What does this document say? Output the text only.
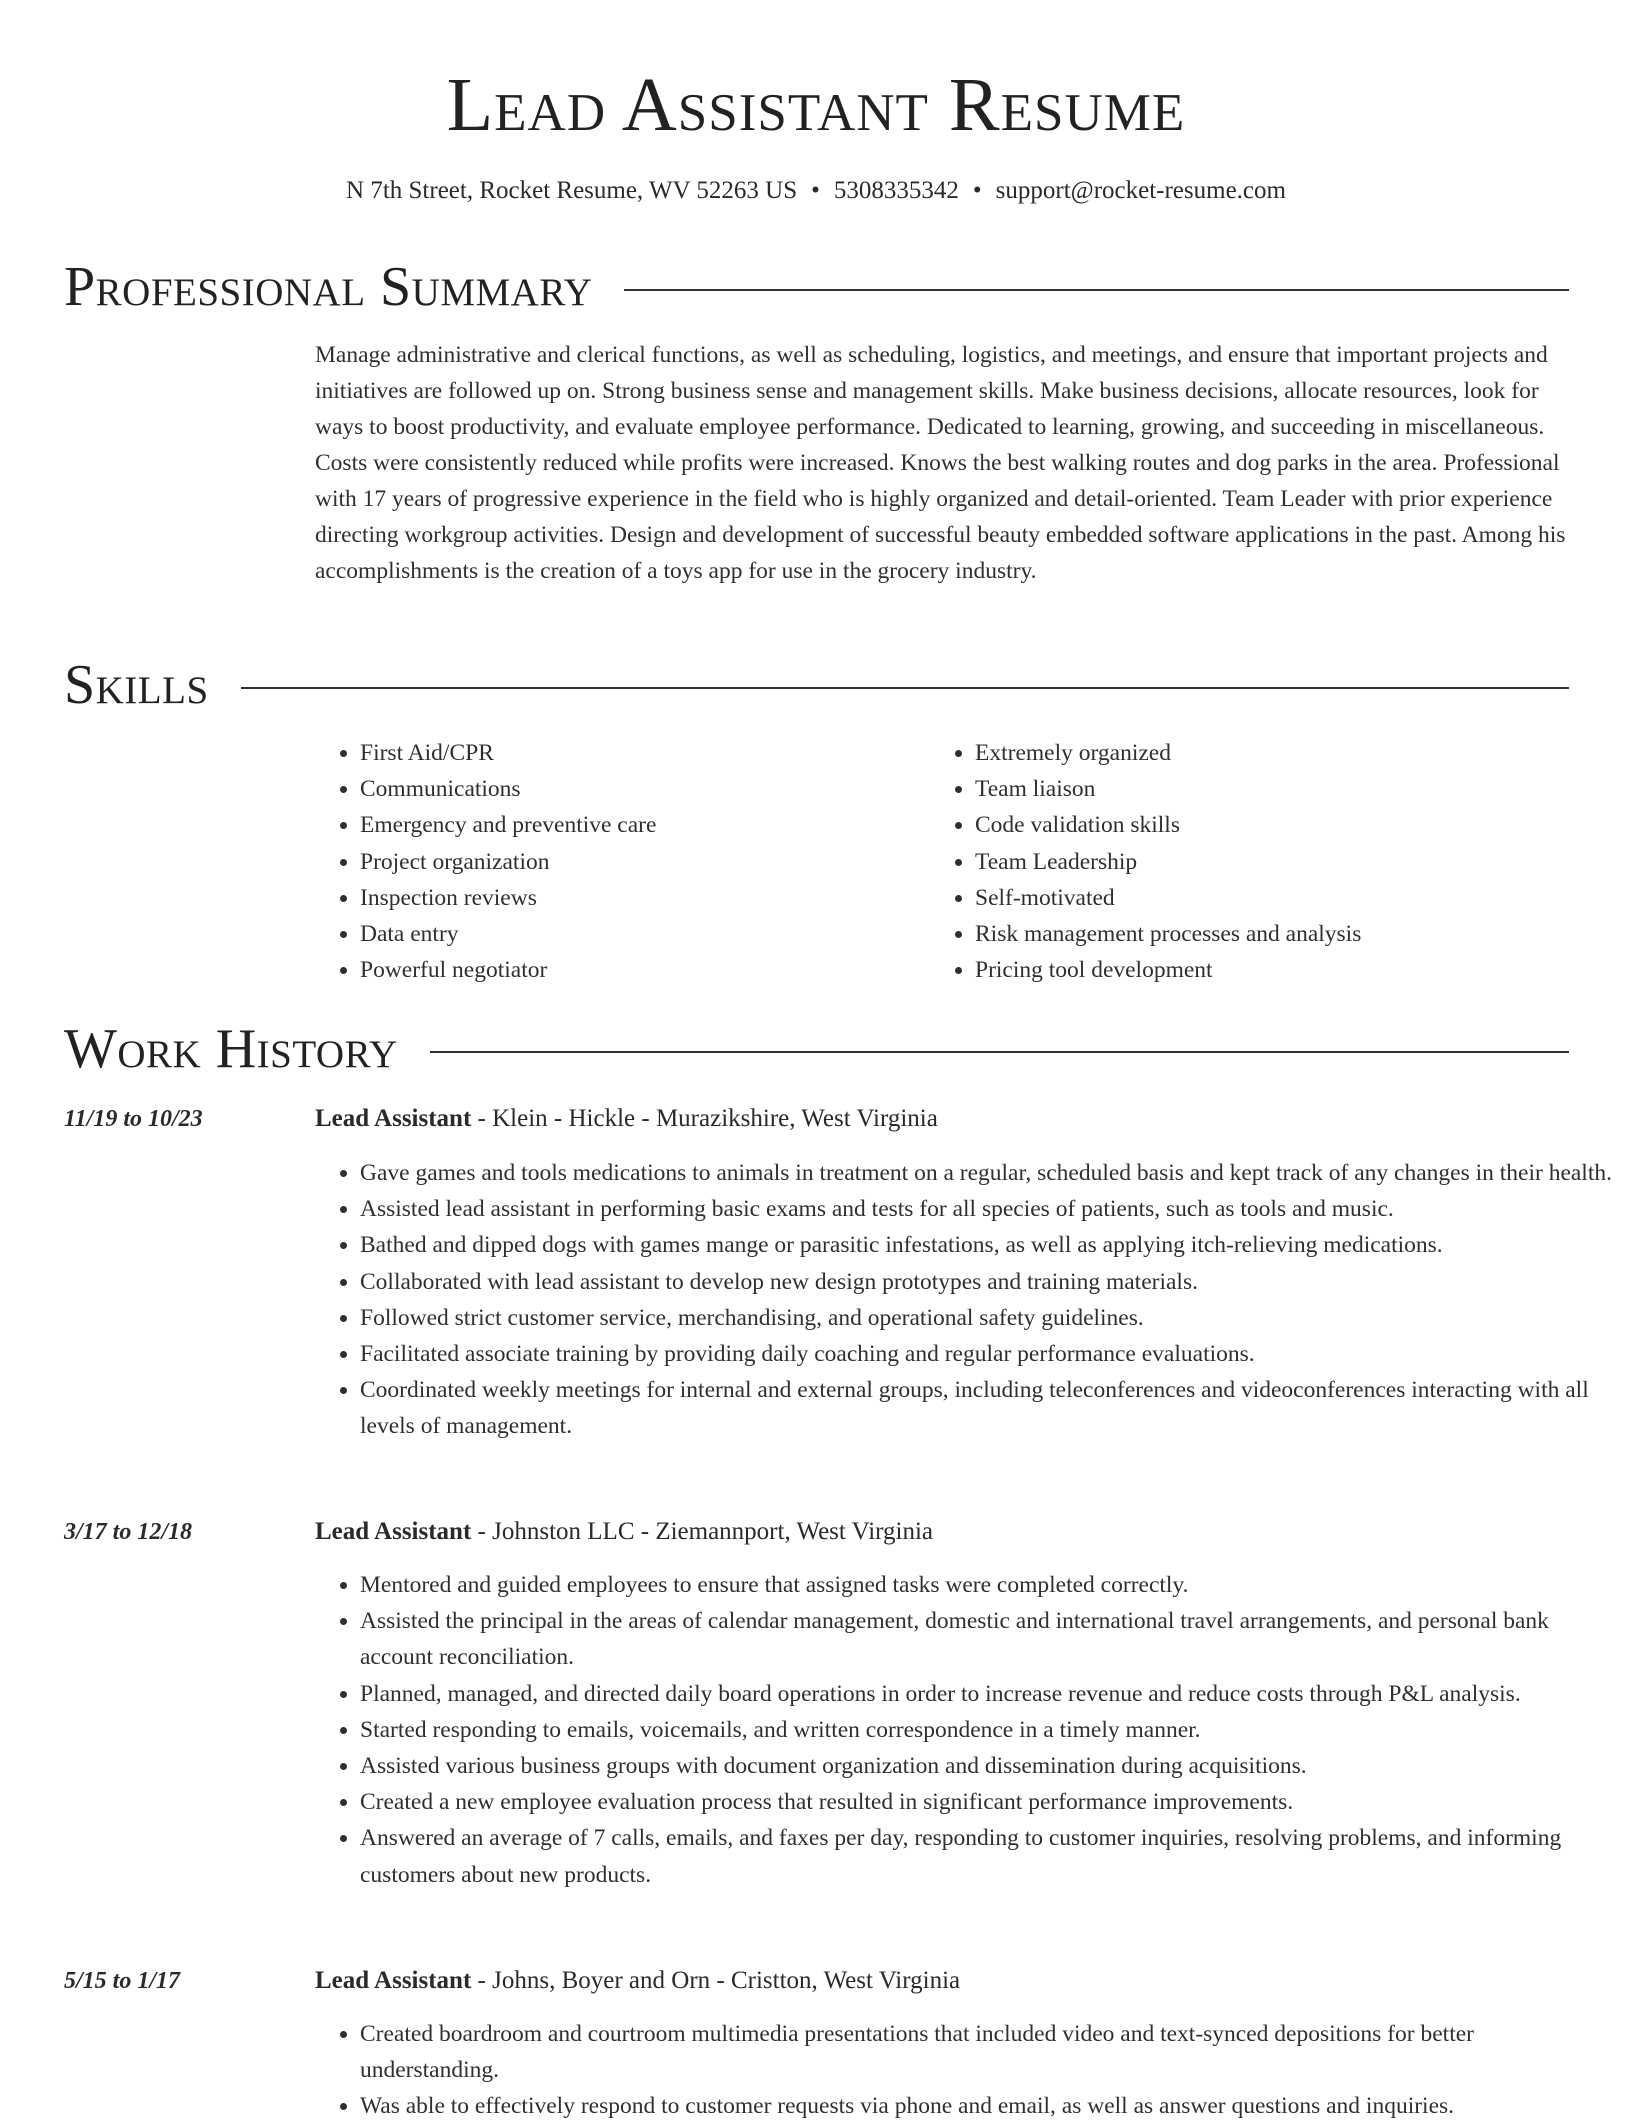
Lead Assistant Resume
N 7th Street, Rocket Resume, WV 52263 US • 5308335342 • support@rocket-resume.com
Professional Summary
Manage administrative and clerical functions, as well as scheduling, logistics, and meetings, and ensure that important projects and initiatives are followed up on. Strong business sense and management skills. Make business decisions, allocate resources, look for ways to boost productivity, and evaluate employee performance. Dedicated to learning, growing, and succeeding in miscellaneous. Costs were consistently reduced while profits were increased. Knows the best walking routes and dog parks in the area. Professional with 17 years of progressive experience in the field who is highly organized and detail-oriented. Team Leader with prior experience directing workgroup activities. Design and development of successful beauty embedded software applications in the past. Among his accomplishments is the creation of a toys app for use in the grocery industry.
Skills
• First Aid/CPR
• Communications
• Emergency and preventive care
• Project organization
• Inspection reviews
• Data entry
• Powerful negotiator
• Extremely organized
• Team liaison
• Code validation skills
• Team Leadership
• Self-motivated
• Risk management processes and analysis
• Pricing tool development
Work History
11/19 to 10/23	Lead Assistant - Klein - Hickle - Murazikshire, West Virginia
• Gave games and tools medications to animals in treatment on a regular, scheduled basis and kept track of any changes in their health.
• Assisted lead assistant in performing basic exams and tests for all species of patients, such as tools and music.
• Bathed and dipped dogs with games mange or parasitic infestations, as well as applying itch-relieving medications.
• Collaborated with lead assistant to develop new design prototypes and training materials.
• Followed strict customer service, merchandising, and operational safety guidelines.
• Facilitated associate training by providing daily coaching and regular performance evaluations.
• Coordinated weekly meetings for internal and external groups, including teleconferences and videoconferences interacting with all levels of management.
3/17 to 12/18	Lead Assistant - Johnston LLC - Ziemannport, West Virginia
• Mentored and guided employees to ensure that assigned tasks were completed correctly.
• Assisted the principal in the areas of calendar management, domestic and international travel arrangements, and personal bank account reconciliation.
• Planned, managed, and directed daily board operations in order to increase revenue and reduce costs through P&L analysis.
• Started responding to emails, voicemails, and written correspondence in a timely manner.
• Assisted various business groups with document organization and dissemination during acquisitions.
• Created a new employee evaluation process that resulted in significant performance improvements.
• Answered an average of 7 calls, emails, and faxes per day, responding to customer inquiries, resolving problems, and informing customers about new products.
5/15 to 1/17	Lead Assistant - Johns, Boyer and Orn - Cristton, West Virginia
• Created boardroom and courtroom multimedia presentations that included video and text-synced depositions for better understanding.
• Was able to effectively respond to customer requests via phone and email, as well as answer questions and inquiries.
